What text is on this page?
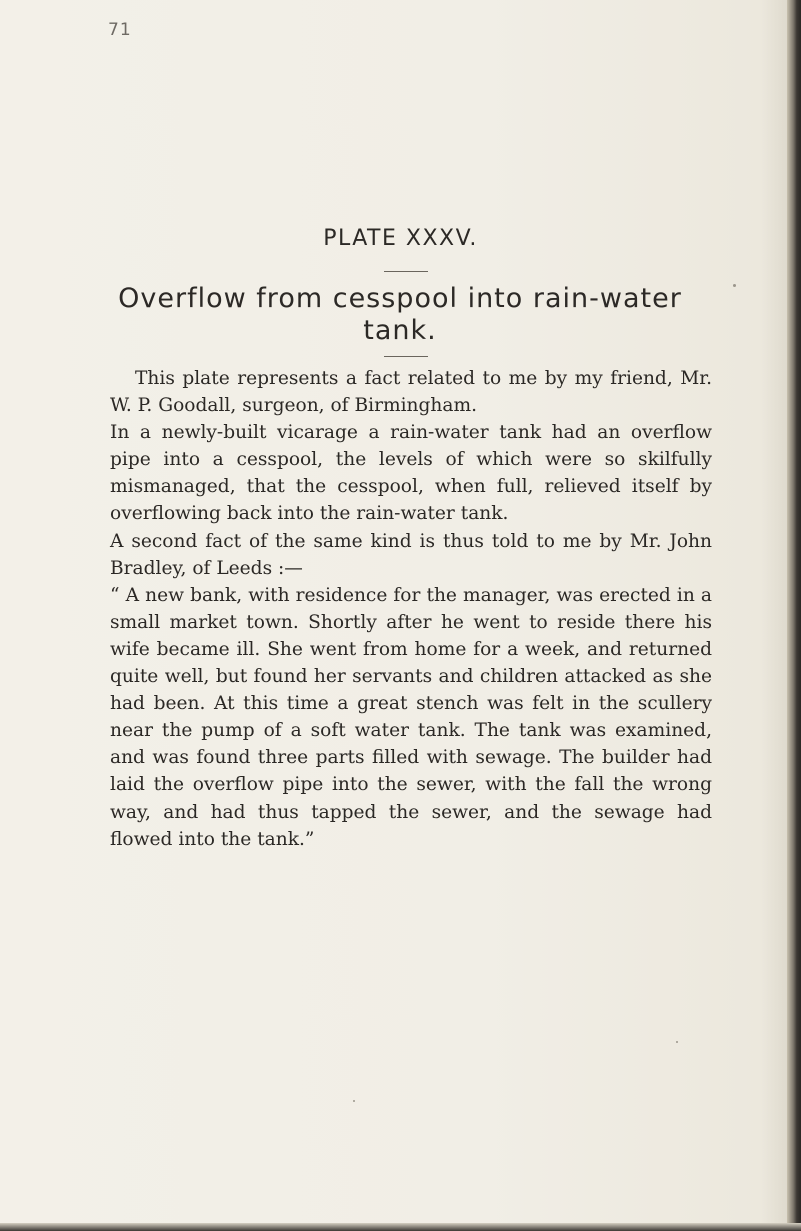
71
PLATE XXXV.
Overflow from cesspool into rain-water tank.

This plate represents a fact related to me by my friend, Mr. W. P. Goodall, surgeon, of Birmingham.

In a newly-built vicarage a rain-water tank had an overflow pipe into a cesspool, the levels of which were so skilfully mismanaged, that the cesspool, when full, relieved itself by overflowing back into the rain-water tank.

A second fact of the same kind is thus told to me by Mr. John Bradley, of Leeds :—

“ A new bank, with residence for the manager, was erected in a small market town. Shortly after he went to reside there his wife became ill. She went from home for a week, and returned quite well, but found her servants and children attacked as she had been. At this time a great stench was felt in the scullery near the pump of a soft water tank. The tank was examined, and was found three parts filled with sewage. The builder had laid the overflow pipe into the sewer, with the fall the wrong way, and had thus tapped the sewer, and the sewage had flowed into the tank.”
